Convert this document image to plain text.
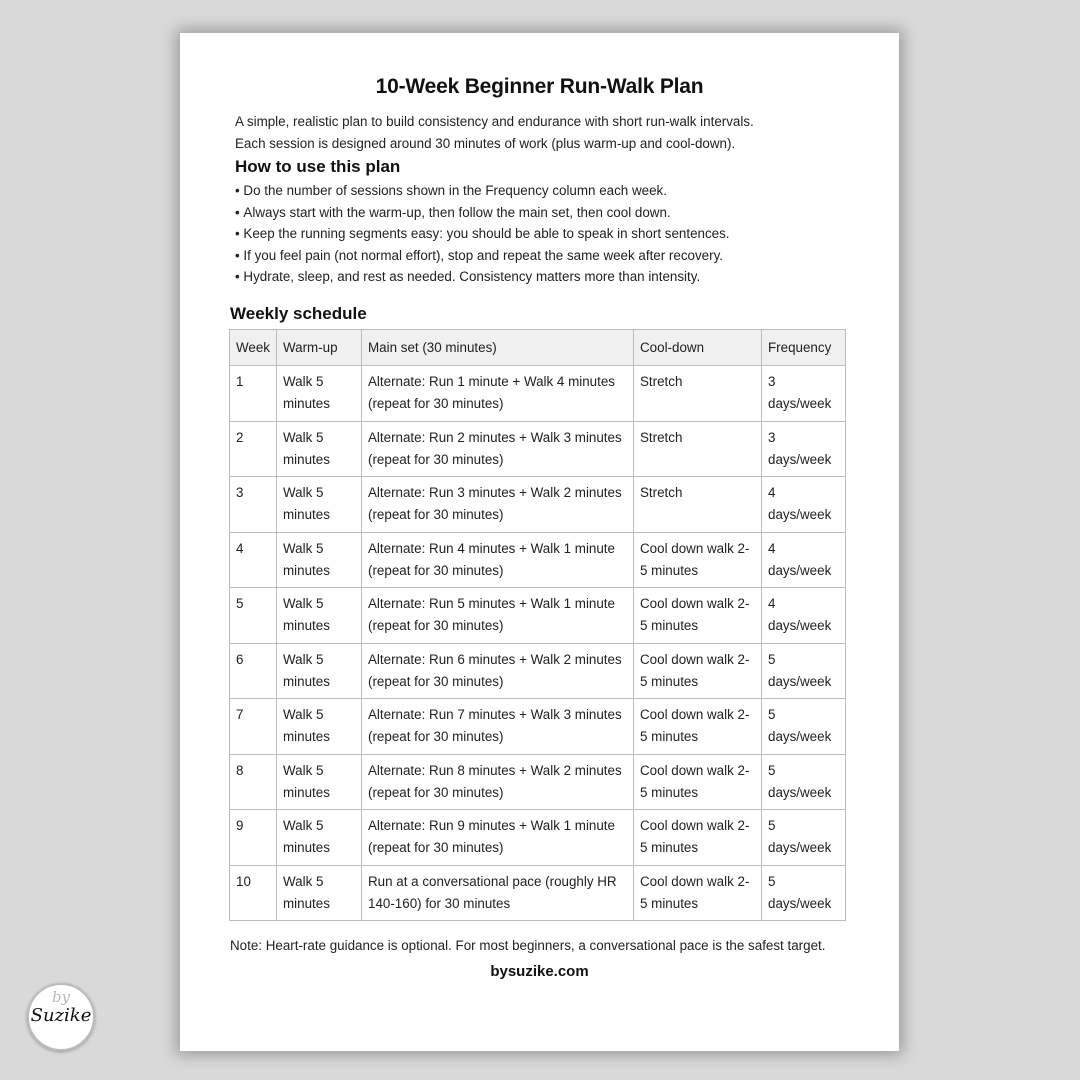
10-Week Beginner Run-Walk Plan
A simple, realistic plan to build consistency and endurance with short run-walk intervals.
Each session is designed around 30 minutes of work (plus warm-up and cool-down).
How to use this plan
• Do the number of sessions shown in the Frequency column each week.
• Always start with the warm-up, then follow the main set, then cool down.
• Keep the running segments easy: you should be able to speak in short sentences.
• If you feel pain (not normal effort), stop and repeat the same week after recovery.
• Hydrate, sleep, and rest as needed. Consistency matters more than intensity.
Weekly schedule
Week	Warm-up	Main set (30 minutes)	Cool-down	Frequency
1	Walk 5 minutes	Alternate: Run 1 minute + Walk 4 minutes (repeat for 30 minutes)	Stretch	3 days/week
2	Walk 5 minutes	Alternate: Run 2 minutes + Walk 3 minutes (repeat for 30 minutes)	Stretch	3 days/week
3	Walk 5 minutes	Alternate: Run 3 minutes + Walk 2 minutes (repeat for 30 minutes)	Stretch	4 days/week
4	Walk 5 minutes	Alternate: Run 4 minutes + Walk 1 minute (repeat for 30 minutes)	Cool down walk 2-5 minutes	4 days/week
5	Walk 5 minutes	Alternate: Run 5 minutes + Walk 1 minute (repeat for 30 minutes)	Cool down walk 2-5 minutes	4 days/week
6	Walk 5 minutes	Alternate: Run 6 minutes + Walk 2 minutes (repeat for 30 minutes)	Cool down walk 2-5 minutes	5 days/week
7	Walk 5 minutes	Alternate: Run 7 minutes + Walk 3 minutes (repeat for 30 minutes)	Cool down walk 2-5 minutes	5 days/week
8	Walk 5 minutes	Alternate: Run 8 minutes + Walk 2 minutes (repeat for 30 minutes)	Cool down walk 2-5 minutes	5 days/week
9	Walk 5 minutes	Alternate: Run 9 minutes + Walk 1 minute (repeat for 30 minutes)	Cool down walk 2-5 minutes	5 days/week
10	Walk 5 minutes	Run at a conversational pace (roughly HR 140-160) for 30 minutes	Cool down walk 2-5 minutes	5 days/week
Note: Heart-rate guidance is optional. For most beginners, a conversational pace is the safest target.
bysuzike.com
by
Suzike
